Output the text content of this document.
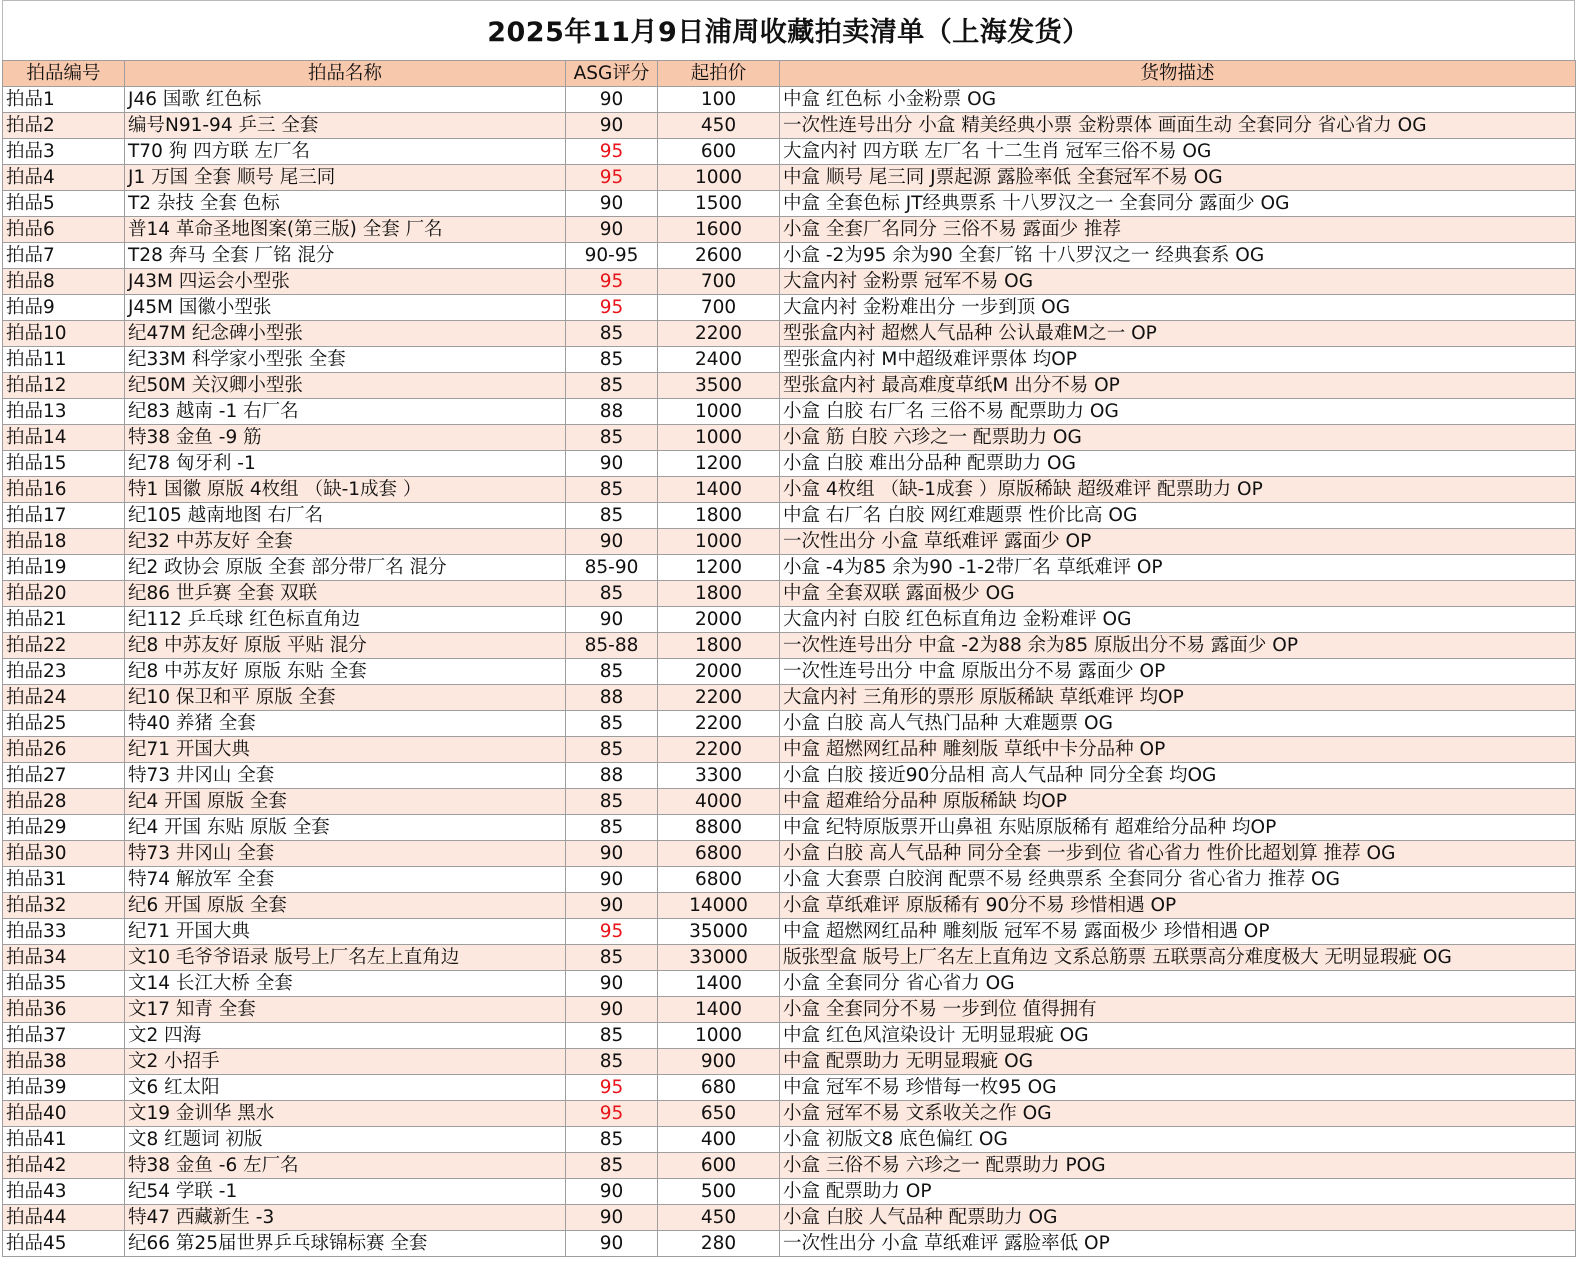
2025年11月9日浦周收藏拍卖清单（上海发货）
拍品编号	拍品名称	ASG评分	起拍价	货物描述
拍品1	J46 国歌 红色标	90	100	中盒 红色标 小金粉票 OG
拍品2	编号N91-94 乒三 全套	90	450	一次性连号出分 小盒 精美经典小票 金粉票体 画面生动 全套同分 省心省力 OG
拍品3	T70 狗 四方联 左厂名	95	600	大盒内衬 四方联 左厂名 十二生肖 冠军三俗不易 OG
拍品4	J1 万国 全套 顺号 尾三同	95	1000	中盒 顺号 尾三同 J票起源 露脸率低 全套冠军不易 OG
拍品5	T2 杂技 全套 色标	90	1500	中盒 全套色标 JT经典票系 十八罗汉之一 全套同分 露面少 OG
拍品6	普14 革命圣地图案(第三版) 全套 厂名	90	1600	小盒 全套厂名同分 三俗不易 露面少 推荐
拍品7	T28 奔马 全套 厂铭 混分	90-95	2600	小盒 -2为95 余为90 全套厂铭 十八罗汉之一 经典套系 OG
拍品8	J43M 四运会小型张	95	700	大盒内衬 金粉票 冠军不易 OG
拍品9	J45M 国徽小型张	95	700	大盒内衬 金粉难出分 一步到顶 OG
拍品10	纪47M 纪念碑小型张	85	2200	型张盒内衬 超燃人气品种 公认最难M之一 OP
拍品11	纪33M 科学家小型张 全套	85	2400	型张盒内衬 M中超级难评票体 均OP
拍品12	纪50M 关汉卿小型张	85	3500	型张盒内衬 最高难度草纸M 出分不易 OP
拍品13	纪83 越南 -1 右厂名	88	1000	小盒 白胶 右厂名 三俗不易 配票助力 OG
拍品14	特38 金鱼 -9 筋	85	1000	小盒 筋 白胶 六珍之一 配票助力 OG
拍品15	纪78 匈牙利 -1	90	1200	小盒 白胶 难出分品种 配票助力 OG
拍品16	特1 国徽 原版 4枚组 （缺-1成套 ）	85	1400	小盒 4枚组 （缺-1成套 ）原版稀缺 超级难评 配票助力 OP
拍品17	纪105 越南地图 右厂名	85	1800	中盒 右厂名 白胶 网红难题票 性价比高 OG
拍品18	纪32 中苏友好 全套	90	1000	一次性出分 小盒 草纸难评 露面少 OP
拍品19	纪2 政协会 原版 全套 部分带厂名 混分	85-90	1200	小盒 -4为85 余为90 -1-2带厂名 草纸难评 OP
拍品20	纪86 世乒赛 全套 双联	85	1800	中盒 全套双联 露面极少 OG
拍品21	纪112 乒乓球 红色标直角边	90	2000	大盒内衬 白胶 红色标直角边 金粉难评 OG
拍品22	纪8 中苏友好 原版 平贴 混分	85-88	1800	一次性连号出分 中盒 -2为88 余为85 原版出分不易 露面少 OP
拍品23	纪8 中苏友好 原版 东贴 全套	85	2000	一次性连号出分 中盒 原版出分不易 露面少 OP
拍品24	纪10 保卫和平 原版 全套	88	2200	大盒内衬 三角形的票形 原版稀缺 草纸难评 均OP
拍品25	特40 养猪 全套	85	2200	小盒 白胶 高人气热门品种 大难题票 OG
拍品26	纪71 开国大典	85	2200	中盒 超燃网红品种 雕刻版 草纸中卡分品种 OP
拍品27	特73 井冈山 全套	88	3300	小盒 白胶 接近90分品相 高人气品种 同分全套 均OG
拍品28	纪4 开国 原版 全套	85	4000	中盒 超难给分品种 原版稀缺 均OP
拍品29	纪4 开国 东贴 原版 全套	85	8800	中盒 纪特原版票开山鼻祖 东贴原版稀有 超难给分品种 均OP
拍品30	特73 井冈山 全套	90	6800	小盒 白胶 高人气品种 同分全套 一步到位 省心省力 性价比超划算 推荐 OG
拍品31	特74 解放军 全套	90	6800	小盒 大套票 白胶润 配票不易 经典票系 全套同分 省心省力 推荐 OG
拍品32	纪6 开国 原版 全套	90	14000	小盒 草纸难评 原版稀有 90分不易 珍惜相遇 OP
拍品33	纪71 开国大典	95	35000	中盒 超燃网红品种 雕刻版 冠军不易 露面极少 珍惜相遇 OP
拍品34	文10 毛爷爷语录 版号上厂名左上直角边	85	33000	版张型盒 版号上厂名左上直角边 文系总筋票 五联票高分难度极大 无明显瑕疵 OG
拍品35	文14 长江大桥 全套	90	1400	小盒 全套同分 省心省力 OG
拍品36	文17 知青 全套	90	1400	小盒 全套同分不易 一步到位 值得拥有
拍品37	文2 四海	85	1000	中盒 红色风渲染设计 无明显瑕疵 OG
拍品38	文2 小招手	85	900	中盒 配票助力 无明显瑕疵 OG
拍品39	文6 红太阳	95	680	中盒 冠军不易 珍惜每一枚95 OG
拍品40	文19 金训华 黑水	95	650	小盒 冠军不易 文系收关之作 OG
拍品41	文8 红题词 初版	85	400	小盒 初版文8 底色偏红 OG
拍品42	特38 金鱼 -6 左厂名	85	600	小盒 三俗不易 六珍之一 配票助力 POG
拍品43	纪54 学联 -1	90	500	小盒 配票助力 OP
拍品44	特47 西藏新生 -3	90	450	小盒 白胶 人气品种 配票助力 OG
拍品45	纪66 第25届世界乒乓球锦标赛 全套	90	280	一次性出分 小盒 草纸难评 露脸率低 OP
